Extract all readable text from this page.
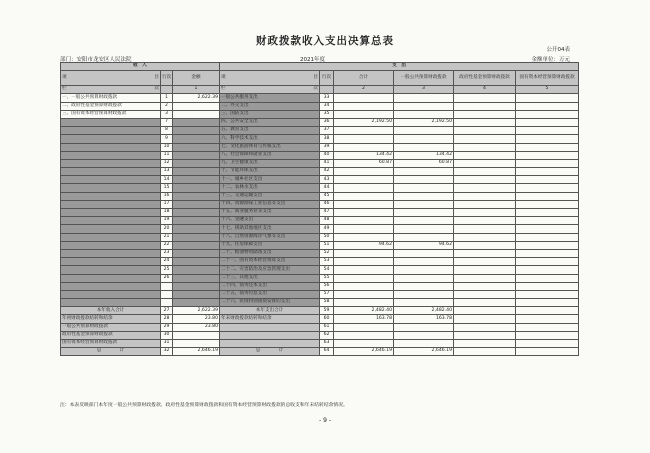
财政拨款收入支出决算总表
公开04表
部门：安阳市龙安区人民法院	2021年度	金额单位：万元
收　入			支　出					
项 目	行次	金额	项 目	行次	合计	一般公共预算财政拨款	政府性基金预算财政拨款	国有资本经营预算财政拨款

栏 次		1	栏 次		2	3	4	5
一、一般公共预算财政拨款	1	2,622.39	一般公共服务支出	33				
二、政府性基金预算财政拨款	2		二、外交支出	34				
三、国有资本经营预算财政拨款	3		三、国防支出	35				
	7		四、公共安全支出	36	2,192.50	2,192.50		
	8		五、教育支出	37				
	9		六、科学技术支出	38				
	10		七、文化旅游体育与传媒支出	39				
	11		八、社会保障和就业支出	40	134.42	134.42		
	12		九、卫生健康支出	41	60.87	60.87		
	13		十、节能环保支出	42				
	14		十一、城乡社区支出	43				
	15		十二、农林水支出	44				
	16		十三、交通运输支出	45				
	17		十四、资源勘探工业信息等支出	46				
	18		十五、商业服务业等支出	47				
	19		十六、金融支出	48				
	20		十七、援助其他地区支出	49				
	21		十八、自然资源海洋气象等支出	50				
	22		十九、住房保障支出	51	94.62	94.62		
	23		二十、粮油物资储备支出	52				
	24		二十一、国有资本经营预算支出	53				
	25		二十二、灾害防治及应急管理支出	54				
	26		二十三、其他支出	55				
			二十四、债务还本支出	56				
			二十五、债务付息支出	57				
			二十六、抗疫特别国债安排的支出	58				
本年收入合计	27	2,622.39	本年支出合计	59	2,482.40	2,482.40		
年初财政拨款结转和结余	28	23.80	年末财政拨款结转和结余	60	163.78	163.78		
一般公共预算财政拨款	29	23.80		61				
政府性基金预算财政拨款	30			62				
国有资本经营预算财政拨款	31			63				
总　　　　计	32	2,646.19	总　　　　计	64	2,646.19	2,646.19		
注：本表反映部门本年度一般公共预算财政拨款、政府性基金预算财政拨款和国有资本经营预算财政拨款的总收支和年末结转结余情况。
- 9 -
